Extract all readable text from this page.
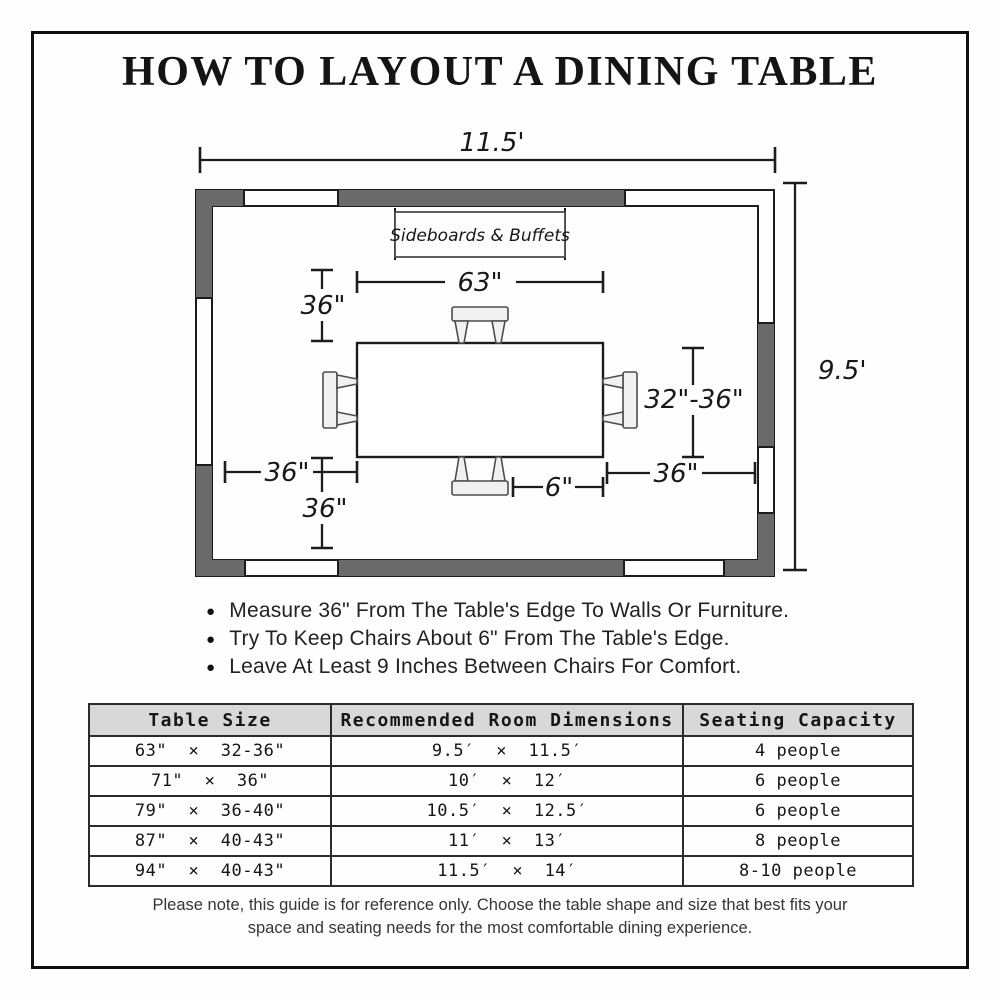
HOW TO LAYOUT A DINING TABLE
11.5'
9.5'
Sideboards & Buffets
63"
36"
32"-36"
36"
36"
36"
6"
● Measure 36" From The Table's Edge To Walls Or Furniture.
● Try To Keep Chairs About 6" From The Table's Edge.
● Leave At Least 9 Inches Between Chairs For Comfort.
Table Size	Recommended Room Dimensions	Seating Capacity
63"  ×  32-36"	9.5′  ×  11.5′	4 people
71"  ×  36"	10′  ×  12′	6 people
79"  ×  36-40"	10.5′  ×  12.5′	6 people
87"  ×  40-43"	11′  ×  13′	8 people
94"  ×  40-43"	11.5′  ×  14′	8-10 people
Please note, this guide is for reference only. Choose the table shape and size that best fits your
space and seating needs for the most comfortable dining experience.
